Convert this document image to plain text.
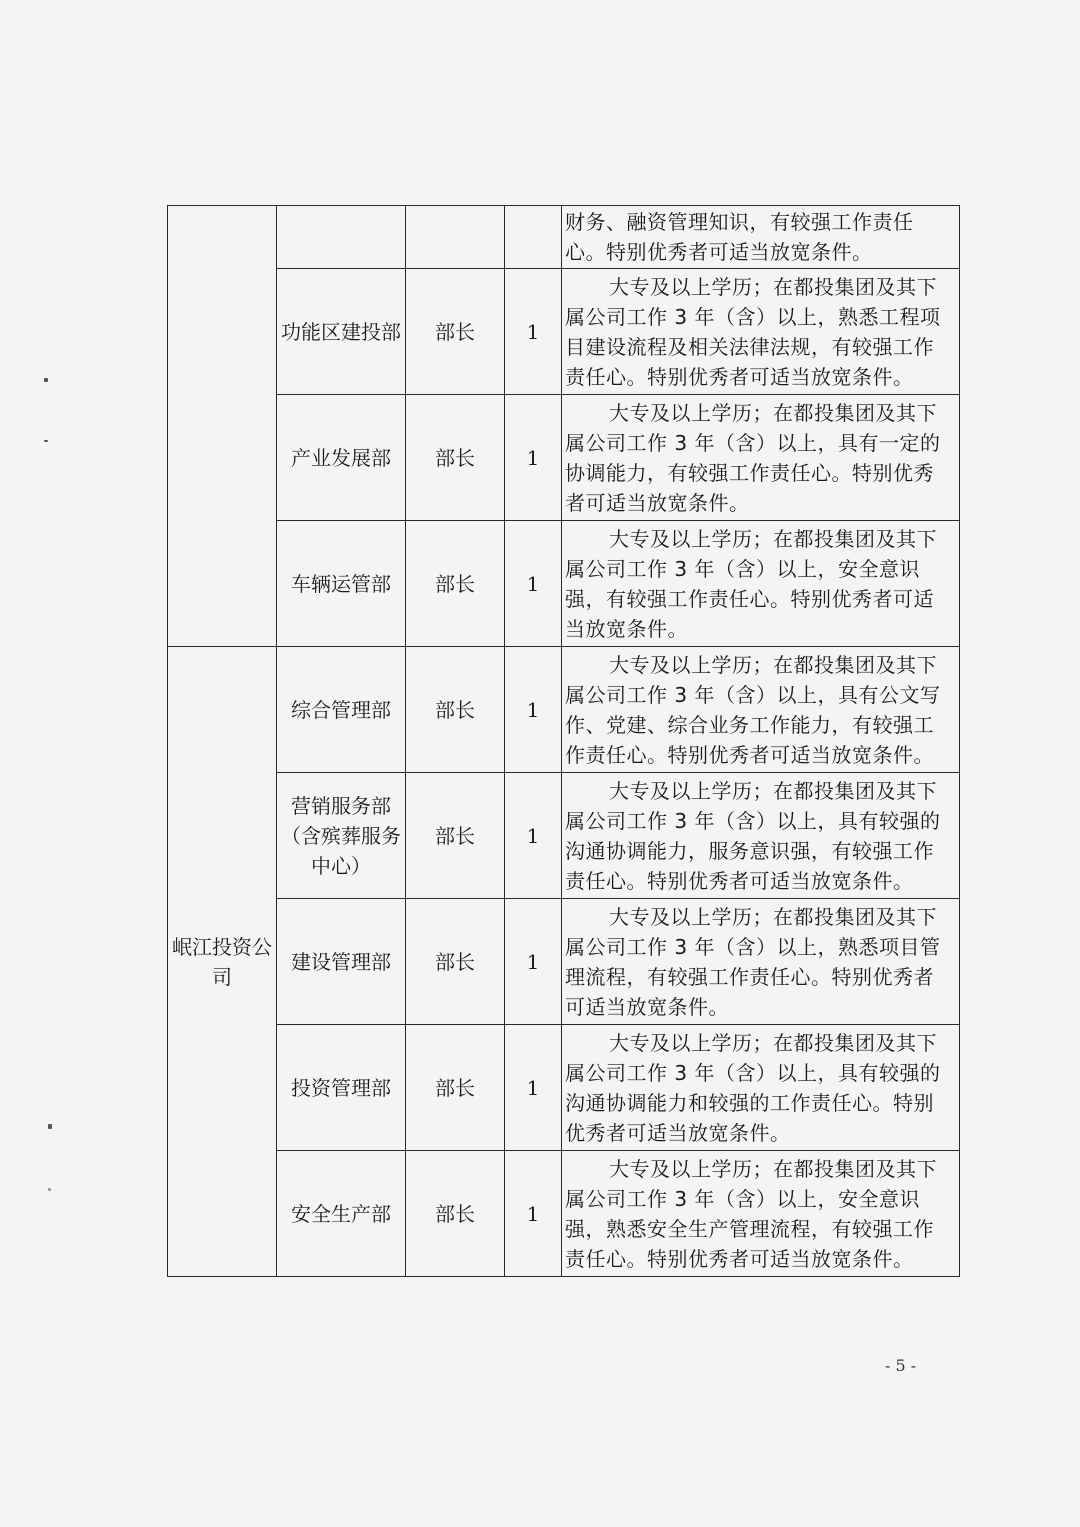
				财务、融资管理知识，有较强工作责任心。特别优秀者可适当放宽条件。
	功能区建投部	部长	1	大专及以上学历；在都投集团及其下属公司工作 3 年（含）以上，熟悉工程项目建设流程及相关法律法规，有较强工作责任心。特别优秀者可适当放宽条件。
	产业发展部	部长	1	大专及以上学历；在都投集团及其下属公司工作 3 年（含）以上，具有一定的协调能力，有较强工作责任心。特别优秀者可适当放宽条件。
	车辆运管部	部长	1	大专及以上学历；在都投集团及其下属公司工作 3 年（含）以上，安全意识强，有较强工作责任心。特别优秀者可适当放宽条件。
岷江投资公司	综合管理部	部长	1	大专及以上学历；在都投集团及其下属公司工作 3 年（含）以上，具有公文写作、党建、综合业务工作能力，有较强工作责任心。特别优秀者可适当放宽条件。
	营销服务部（含殡葬服务中心）	部长	1	大专及以上学历；在都投集团及其下属公司工作 3 年（含）以上，具有较强的沟通协调能力，服务意识强，有较强工作责任心。特别优秀者可适当放宽条件。
	建设管理部	部长	1	大专及以上学历；在都投集团及其下属公司工作 3 年（含）以上，熟悉项目管理流程，有较强工作责任心。特别优秀者可适当放宽条件。
	投资管理部	部长	1	大专及以上学历；在都投集团及其下属公司工作 3 年（含）以上，具有较强的沟通协调能力和较强的工作责任心。特别优秀者可适当放宽条件。
	安全生产部	部长	1	大专及以上学历；在都投集团及其下属公司工作 3 年（含）以上，安全意识强，熟悉安全生产管理流程，有较强工作责任心。特别优秀者可适当放宽条件。
- 5 -
